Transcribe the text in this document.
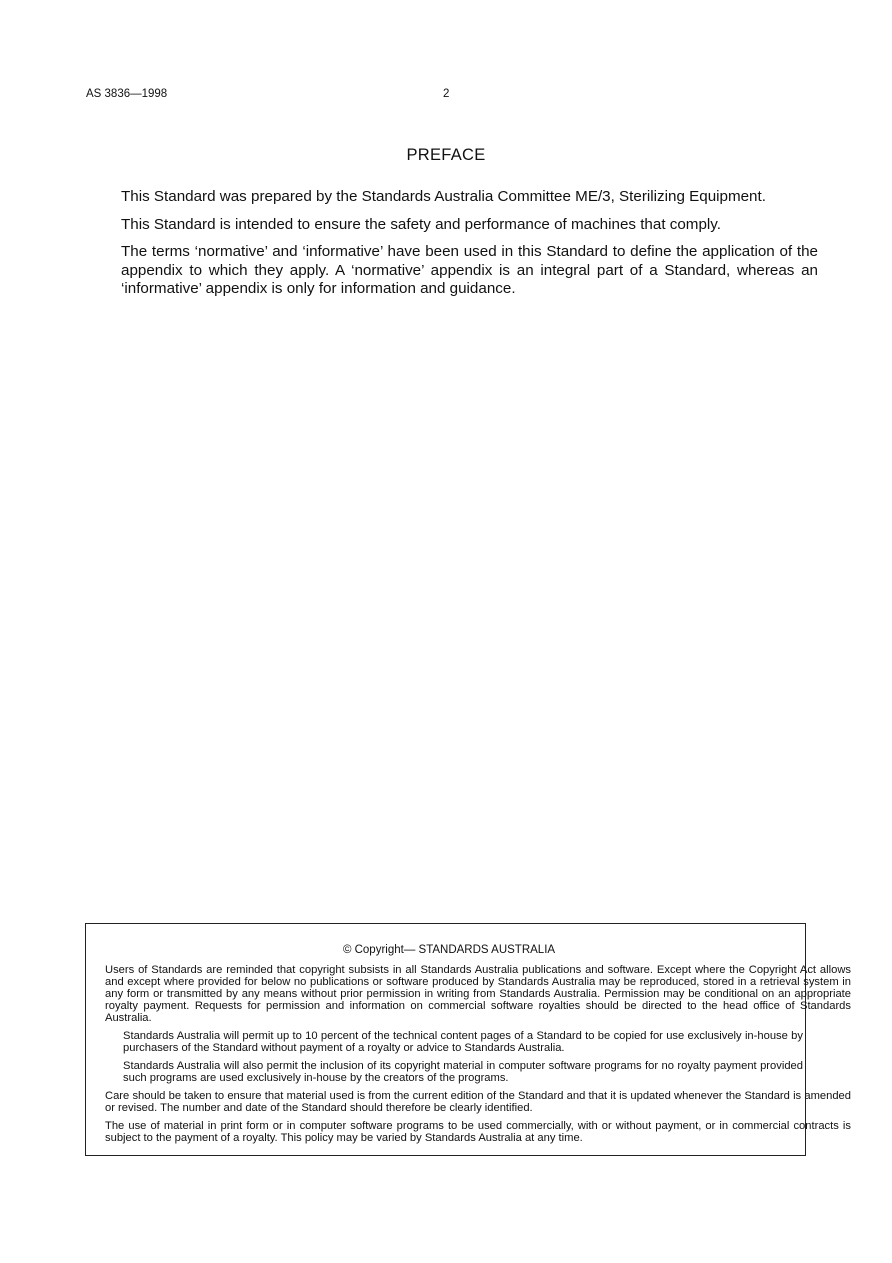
AS 3836—1998	2
PREFACE

This Standard was prepared by the Standards Australia Committee ME/3, Sterilizing Equipment.

This Standard is intended to ensure the safety and performance of machines that comply.

The terms ‘normative’ and ‘informative’ have been used in this Standard to define the application of the appendix to which they apply. A ‘normative’ appendix is an integral part of a Standard, whereas an ‘informative’ appendix is only for information and guidance.

© Copyright— STANDARDS AUSTRALIA

Users of Standards are reminded that copyright subsists in all Standards Australia publications and software. Except where the Copyright Act allows and except where provided for below no publications or software produced by Standards Australia may be reproduced, stored in a retrieval system in any form or transmitted by any means without prior permission in writing from Standards Australia. Permission may be conditional on an appropriate royalty payment. Requests for permission and information on commercial software royalties should be directed to the head office of Standards Australia.

Standards Australia will permit up to 10 percent of the technical content pages of a Standard to be copied for use exclusively in-house by purchasers of the Standard without payment of a royalty or advice to Standards Australia.

Standards Australia will also permit the inclusion of its copyright material in computer software programs for no royalty payment provided such programs are used exclusively in-house by the creators of the programs.

Care should be taken to ensure that material used is from the current edition of the Standard and that it is updated whenever the Standard is amended or revised. The number and date of the Standard should therefore be clearly identified.

The use of material in print form or in computer software programs to be used commercially, with or without payment, or in commercial contracts is subject to the payment of a royalty. This policy may be varied by Standards Australia at any time.
